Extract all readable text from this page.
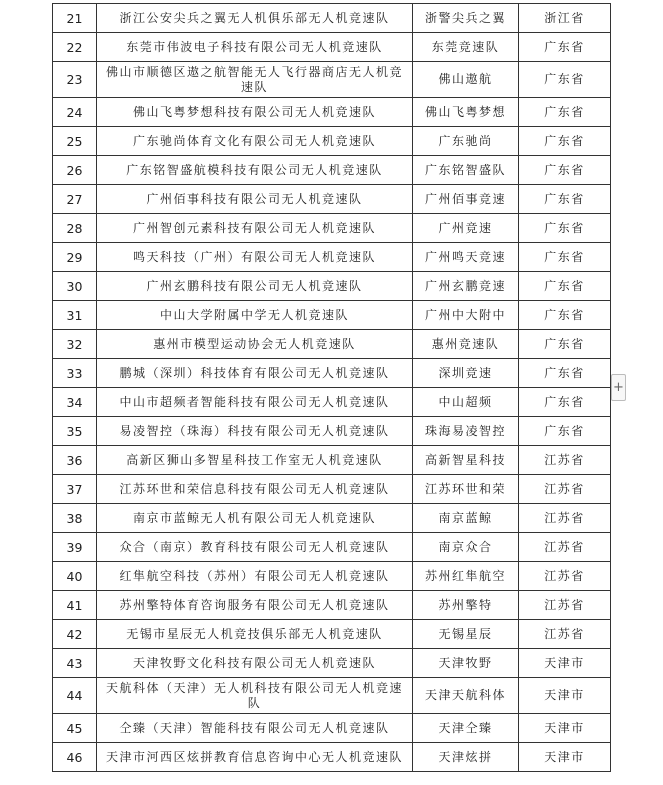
21	浙江公安尖兵之翼无人机俱乐部无人机竞速队	浙警尖兵之翼	浙江省
22	东莞市伟波电子科技有限公司无人机竞速队	东莞竞速队	广东省
23	佛山市顺德区遨之航智能无人飞行器商店无人机竞速队	佛山遨航	广东省
24	佛山飞粤梦想科技有限公司无人机竞速队	佛山飞粤梦想	广东省
25	广东驰尚体育文化有限公司无人机竞速队	广东驰尚	广东省
26	广东铭智盛航模科技有限公司无人机竞速队	广东铭智盛队	广东省
27	广州佰事科技有限公司无人机竞速队	广州佰事竞速	广东省
28	广州智创元素科技有限公司无人机竞速队	广州竞速	广东省
29	鸣天科技（广州）有限公司无人机竞速队	广州鸣天竞速	广东省
30	广州玄鹏科技有限公司无人机竞速队	广州玄鹏竞速	广东省
31	中山大学附属中学无人机竞速队	广州中大附中	广东省
32	惠州市模型运动协会无人机竞速队	惠州竞速队	广东省
33	鹏城（深圳）科技体育有限公司无人机竞速队	深圳竞速	广东省
34	中山市超频者智能科技有限公司无人机竞速队	中山超频	广东省
35	易凌智控（珠海）科技有限公司无人机竞速队	珠海易凌智控	广东省
36	高新区狮山多智星科技工作室无人机竞速队	高新智星科技	江苏省
37	江苏环世和荣信息科技有限公司无人机竞速队	江苏环世和荣	江苏省
38	南京市蓝鲸无人机有限公司无人机竞速队	南京蓝鲸	江苏省
39	众合（南京）教育科技有限公司无人机竞速队	南京众合	江苏省
40	红隼航空科技（苏州）有限公司无人机竞速队	苏州红隼航空	江苏省
41	苏州擎特体育咨询服务有限公司无人机竞速队	苏州擎特	江苏省
42	无锡市星辰无人机竞技俱乐部无人机竞速队	无锡星辰	江苏省
43	天津牧野文化科技有限公司无人机竞速队	天津牧野	天津市
44	天航科体（天津）无人机科技有限公司无人机竞速队	天津天航科体	天津市
45	仝臻（天津）智能科技有限公司无人机竞速队	天津仝臻	天津市
46	天津市河西区炫拼教育信息咨询中心无人机竞速队	天津炫拼	天津市
+
